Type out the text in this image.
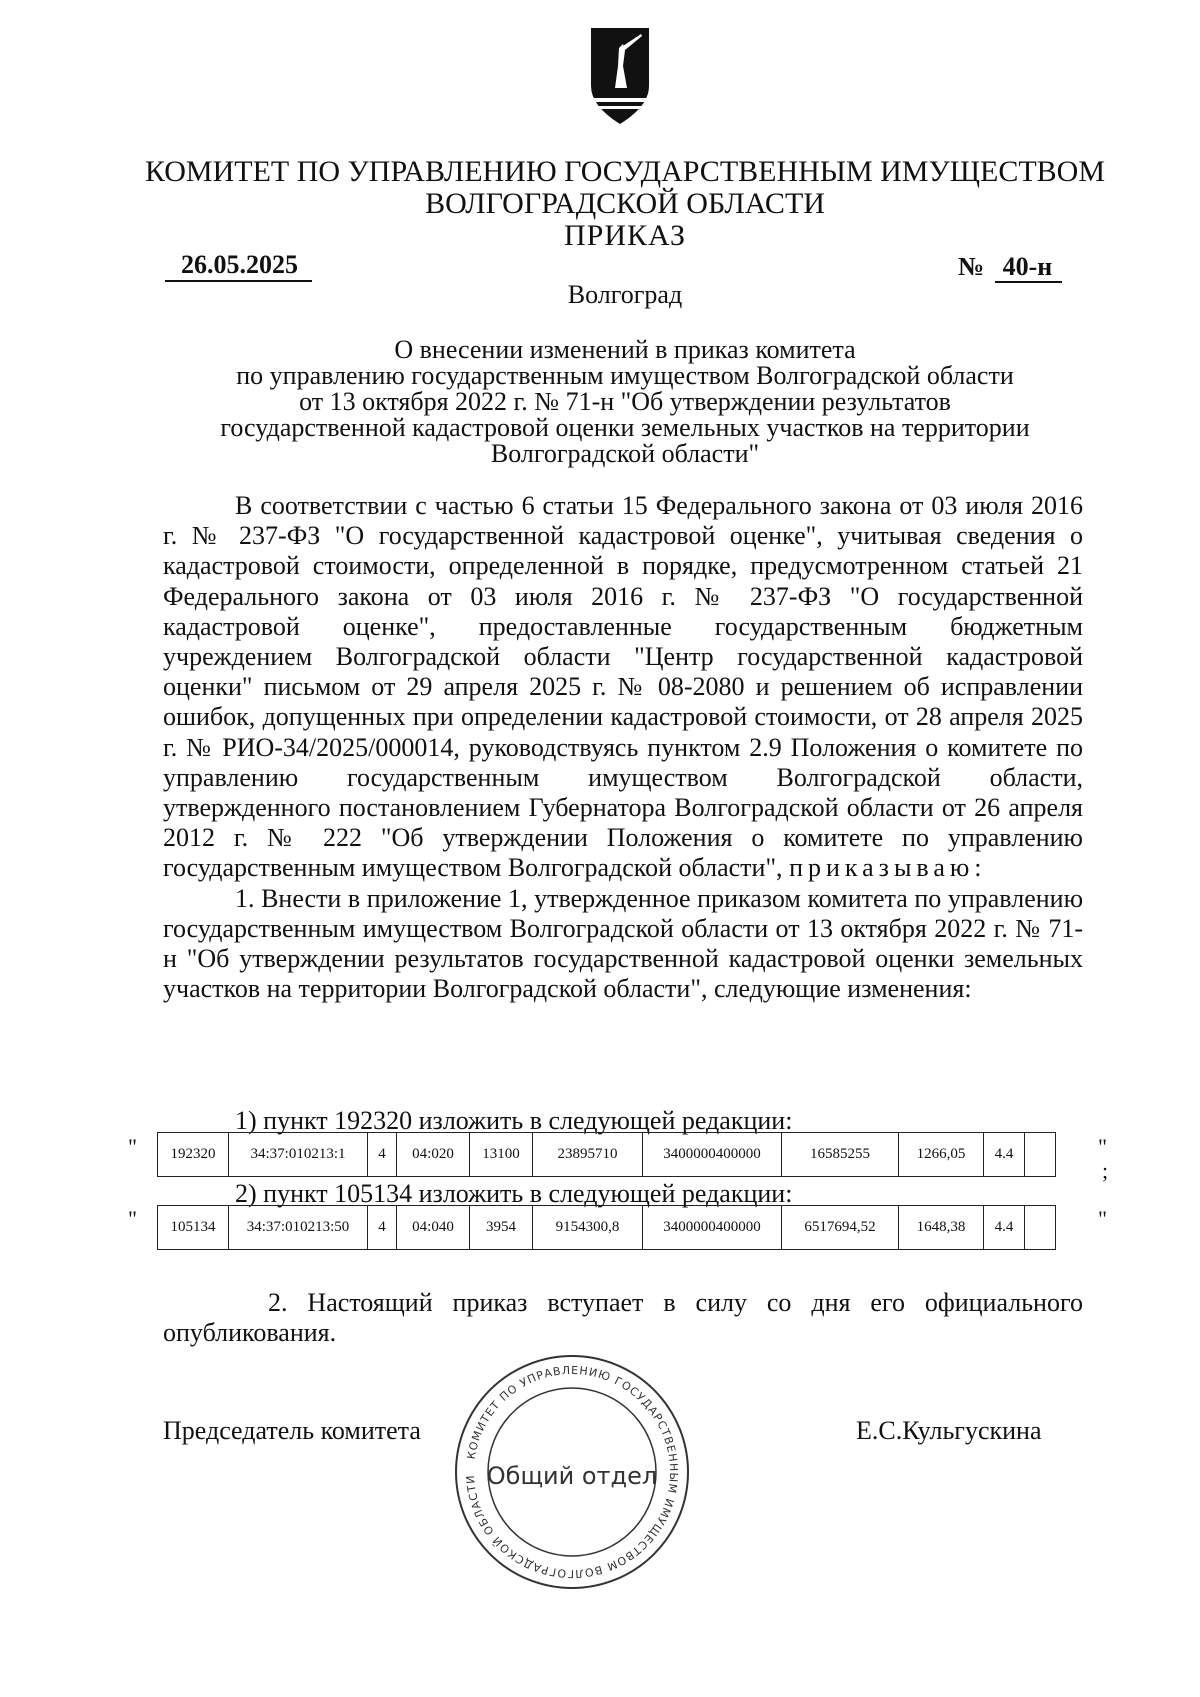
КОМИТЕТ ПО УПРАВЛЕНИЮ ГОСУДАРСТВЕННЫМ ИМУЩЕСТВОМ
ВОЛГОГРАДСКОЙ ОБЛАСТИ
ПРИКАЗ
26.05.2025	№ 40-н
Волгоград
О внесении изменений в приказ комитета
по управлению государственным имуществом Волгоградской области
от 13 октября 2022 г. № 71-н "Об утверждении результатов
государственной кадастровой оценки земельных участков на территории
Волгоградской области"

В соответствии с частью 6 статьи 15 Федерального закона от 03 июля 2016 г. № 237-ФЗ "О государственной кадастровой оценке", учитывая сведения о кадастровой стоимости, определенной в порядке, предусмотренном статьей 21 Федерального закона от 03 июля 2016 г. № 237-ФЗ "О государственной кадастровой оценке", предоставленные государственным бюджетным учреждением Волгоградской области "Центр государственной кадастровой оценки" письмом от 29 апреля 2025 г. № 08-2080 и решением об исправлении ошибок, допущенных при определении кадастровой стоимости, от 28 апреля 2025 г. № РИО-34/2025/000014, руководствуясь пунктом 2.9 Положения о комитете по управлению государственным имуществом Волгоградской области, утвержденного постановлением Губернатора Волгоградской области от 26 апреля 2012 г. № 222 "Об утверждении Положения о комитете по управлению государственным имуществом Волгоградской области", приказываю:

1. Внести в приложение 1, утвержденное приказом комитета по управлению государственным имуществом Волгоградской области от 13 октября 2022 г. № 71-н "Об утверждении результатов государственной кадастровой оценки земельных участков на территории Волгоградской области", следующие изменения:

1) пункт 192320 изложить в следующей редакции:
" 192320	34:37:010213:1	4	04:020	13100	23895710	3400000400000	16585255	1266,05	4.4		"
;
2) пункт 105134 изложить в следующей редакции:
" 105134	34:37:010213:50	4	04:040	3954	9154300,8	3400000400000	6517694,52	1648,38	4.4		"

2. Настоящий приказ вступает в силу со дня его официального опубликования.

Председатель комитета	Е.С.Кульгускина
КОМИТЕТ ПО УПРАВЛЕНИЮ ГОСУДАРСТВЕННЫМ ИМУЩЕСТВОМ ВОЛГОГРАДСКОЙ ОБЛАСТИ Общий отдел
